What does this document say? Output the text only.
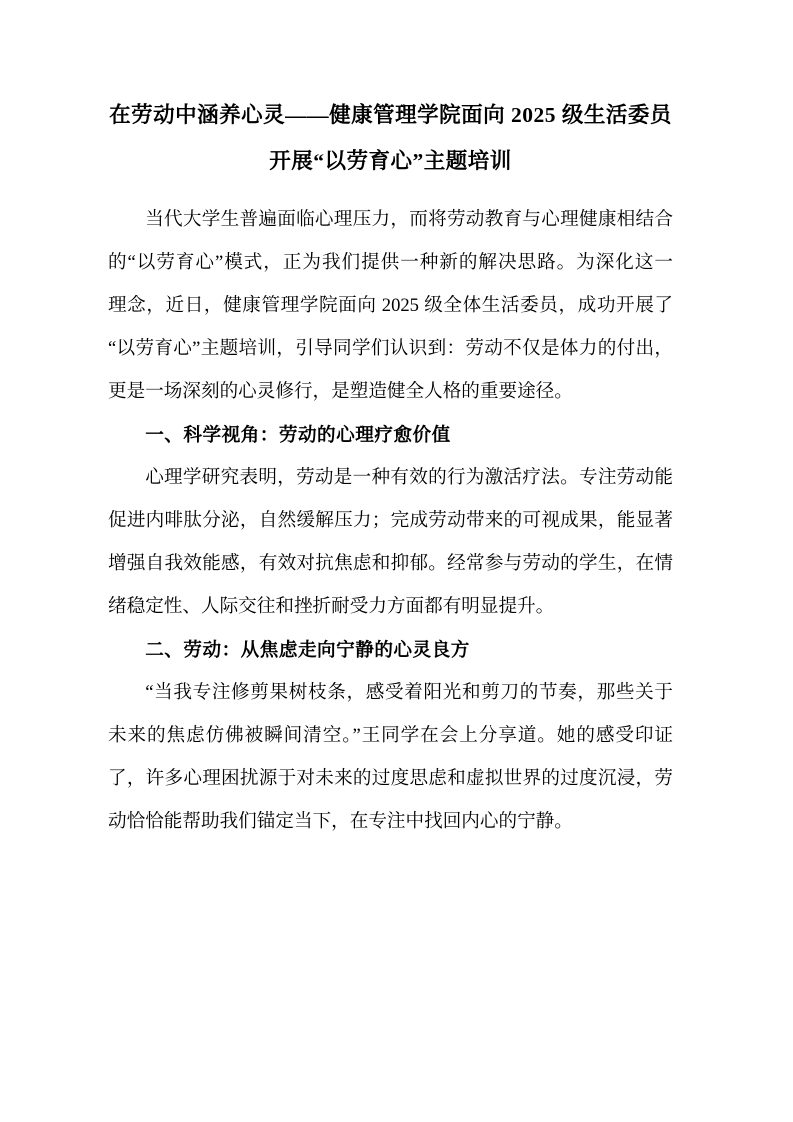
在劳动中涵养心灵——健康管理学院面向 2025 级生活委员
开展“以劳育心”主题培训

当代大学生普遍面临心理压力，而将劳动教育与心理健康相结合

的“以劳育心”模式，正为我们提供一种新的解决思路。为深化这一

理念，近日，健康管理学院面向 2025 级全体生活委员，成功开展了

“以劳育心”主题培训，引导同学们认识到：劳动不仅是体力的付出，

更是一场深刻的心灵修行，是塑造健全人格的重要途径。

一、科学视角：劳动的心理疗愈价值

心理学研究表明，劳动是一种有效的行为激活疗法。专注劳动能

促进内啡肽分泌，自然缓解压力；完成劳动带来的可视成果，能显著

增强自我效能感，有效对抗焦虑和抑郁。经常参与劳动的学生，在情

绪稳定性、人际交往和挫折耐受力方面都有明显提升。

二、劳动：从焦虑走向宁静的心灵良方

“当我专注修剪果树枝条，感受着阳光和剪刀的节奏，那些关于

未来的焦虑仿佛被瞬间清空。”王同学在会上分享道。她的感受印证

了，许多心理困扰源于对未来的过度思虑和虚拟世界的过度沉浸，劳

动恰恰能帮助我们锚定当下，在专注中找回内心的宁静。
